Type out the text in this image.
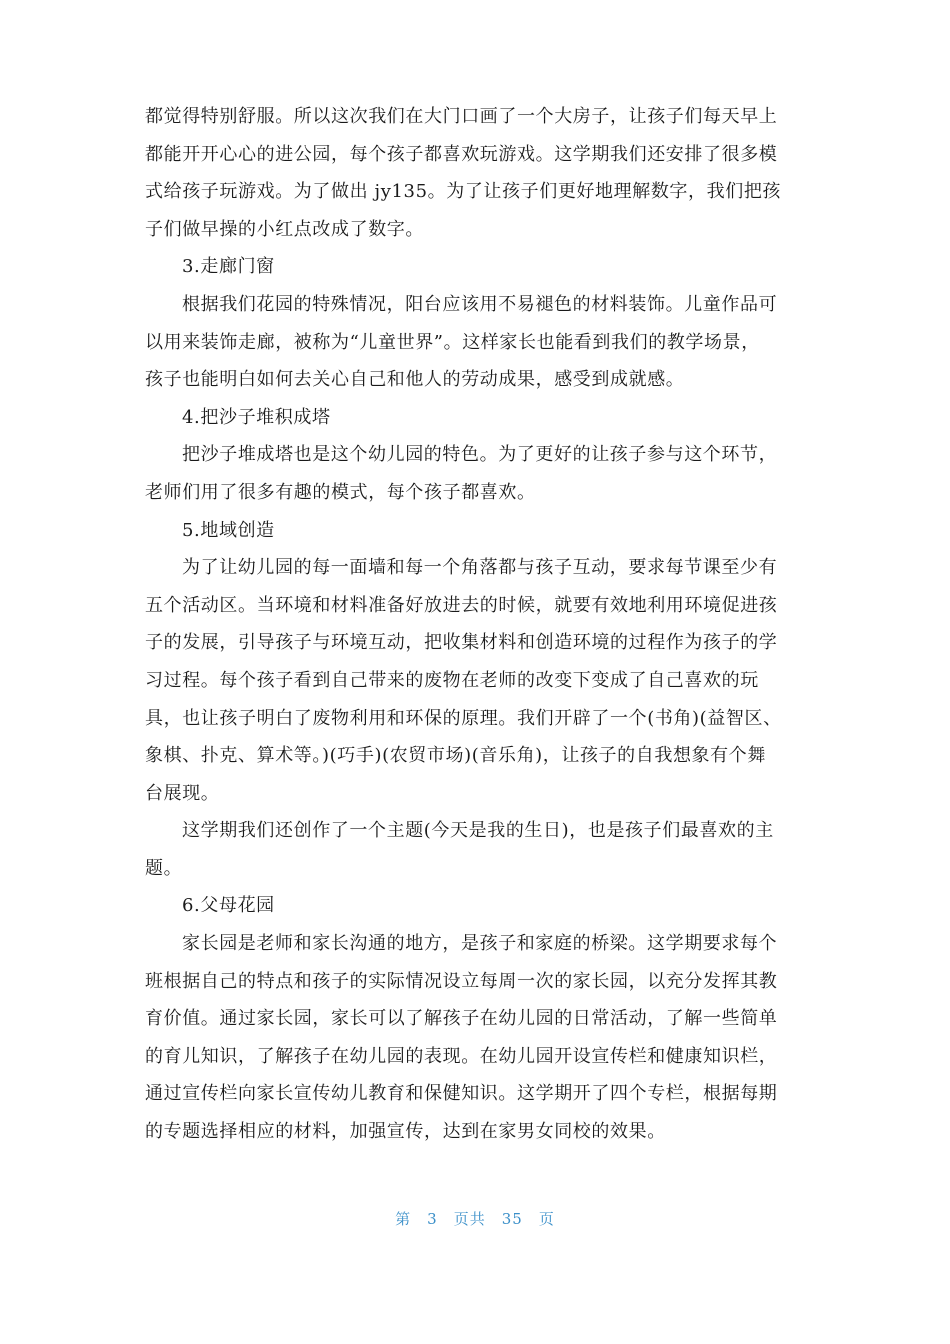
都觉得特别舒服。所以这次我们在大门口画了一个大房子，让孩子们每天早上
都能开开心心的进公园，每个孩子都喜欢玩游戏。这学期我们还安排了很多模
式给孩子玩游戏。为了做出 jy135。为了让孩子们更好地理解数字，我们把孩
子们做早操的小红点改成了数字。
3.走廊门窗
根据我们花园的特殊情况，阳台应该用不易褪色的材料装饰。儿童作品可
以用来装饰走廊，被称为“儿童世界”。这样家长也能看到我们的教学场景，
孩子也能明白如何去关心自己和他人的劳动成果，感受到成就感。
4.把沙子堆积成塔
把沙子堆成塔也是这个幼儿园的特色。为了更好的让孩子参与这个环节，
老师们用了很多有趣的模式，每个孩子都喜欢。
5.地域创造
为了让幼儿园的每一面墙和每一个角落都与孩子互动，要求每节课至少有
五个活动区。当环境和材料准备好放进去的时候，就要有效地利用环境促进孩
子的发展，引导孩子与环境互动，把收集材料和创造环境的过程作为孩子的学
习过程。每个孩子看到自己带来的废物在老师的改变下变成了自己喜欢的玩
具，也让孩子明白了废物利用和环保的原理。我们开辟了一个(书角)(益智区、
象棋、扑克、算术等。)(巧手)(农贸市场)(音乐角)，让孩子的自我想象有个舞
台展现。
这学期我们还创作了一个主题(今天是我的生日)，也是孩子们最喜欢的主
题。
6.父母花园
家长园是老师和家长沟通的地方，是孩子和家庭的桥梁。这学期要求每个
班根据自己的特点和孩子的实际情况设立每周一次的家长园，以充分发挥其教
育价值。通过家长园，家长可以了解孩子在幼儿园的日常活动，了解一些简单
的育儿知识，了解孩子在幼儿园的表现。在幼儿园开设宣传栏和健康知识栏，
通过宣传栏向家长宣传幼儿教育和保健知识。这学期开了四个专栏，根据每期
的专题选择相应的材料，加强宣传，达到在家男女同校的效果。
第 3 页共 35 页
